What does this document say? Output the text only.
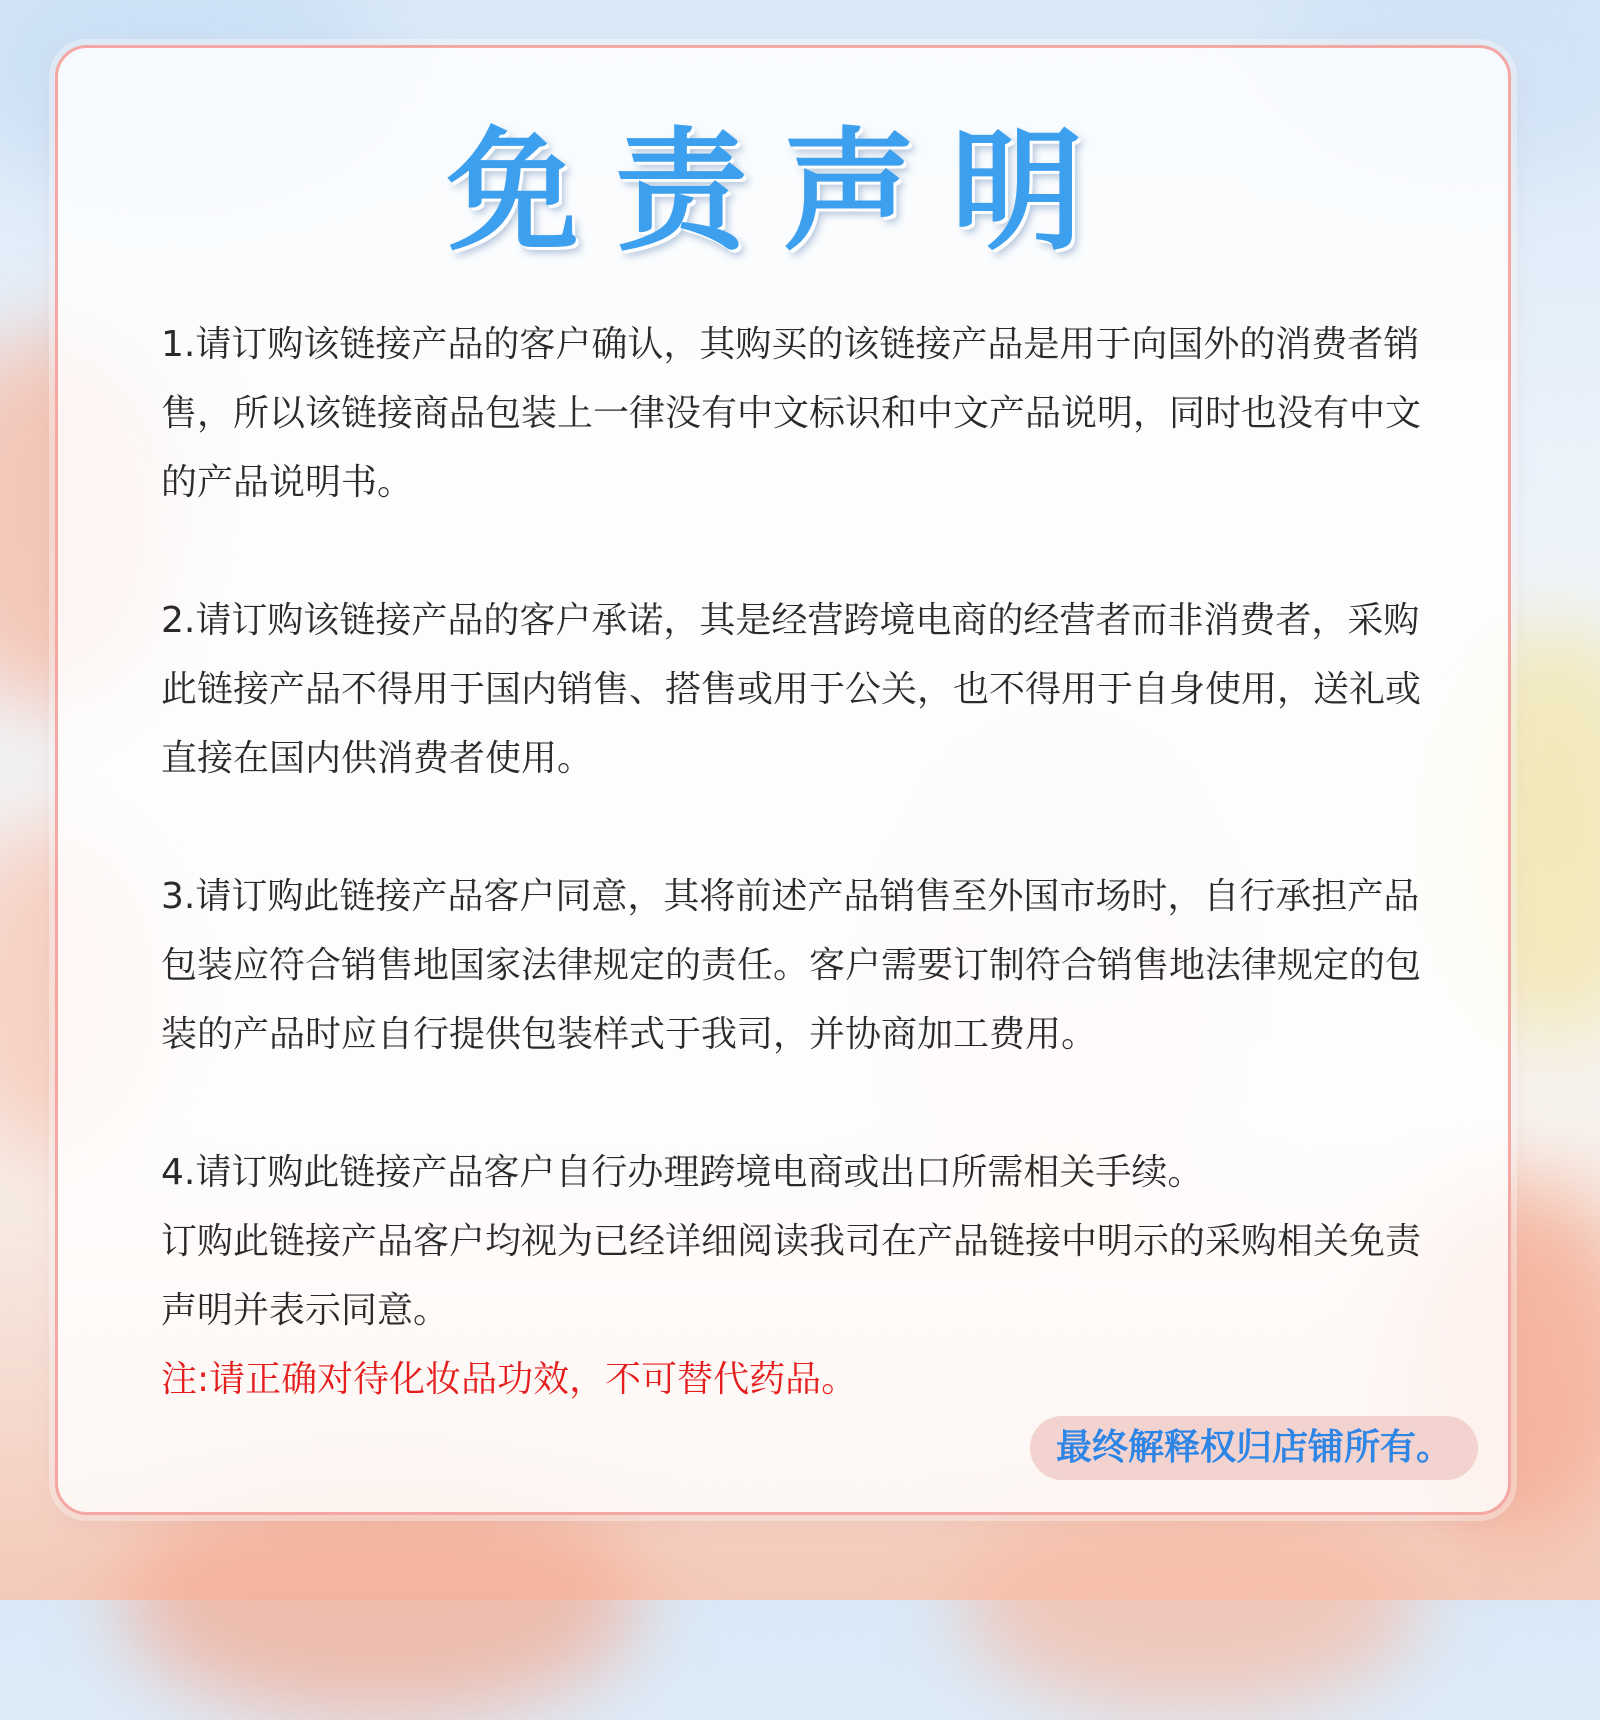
免责声明

1.请订购该链接产品的客户确认，其购买的该链接产品是用于向国外的消费者销售，所以该链接商品包装上一律没有中文标识和中文产品说明，同时也没有中文的产品说明书。

2.请订购该链接产品的客户承诺，其是经营跨境电商的经营者而非消费者，采购此链接产品不得用于国内销售、搭售或用于公关，也不得用于自身使用，送礼或直接在国内供消费者使用。

3.请订购此链接产品客户同意，其将前述产品销售至外国市场时，自行承担产品包装应符合销售地国家法律规定的责任。客户需要订制符合销售地法律规定的包装的产品时应自行提供包装样式于我司，并协商加工费用。

4.请订购此链接产品客户自行办理跨境电商或出口所需相关手续。

订购此链接产品客户均视为已经详细阅读我司在产品链接中明示的采购相关免责声明并表示同意。

注:请正确对待化妆品功效，不可替代药品。

最终解释权归店铺所有。
